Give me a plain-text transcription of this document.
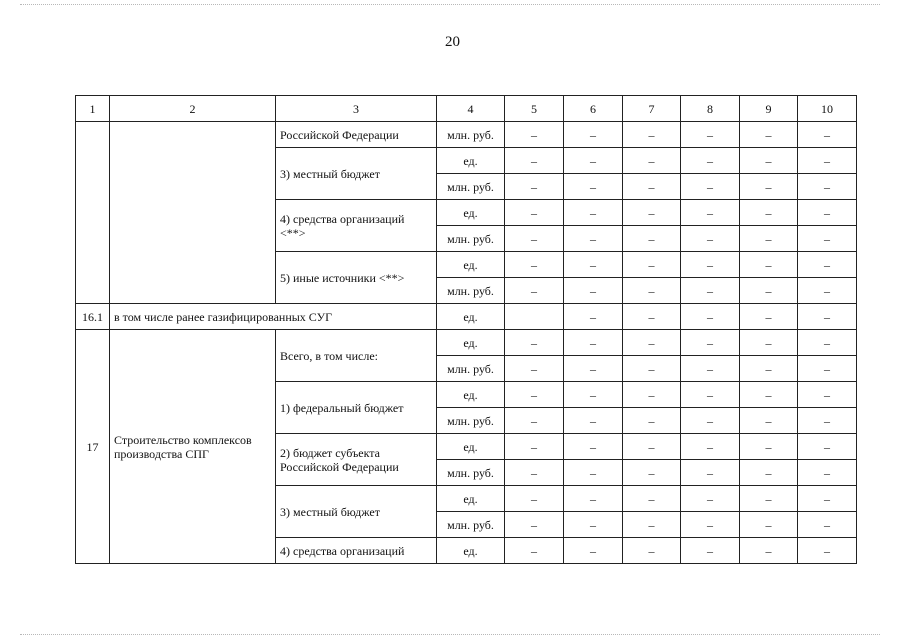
20
1	2	3	4	5	6	7	8	9	10
		Российской Федерации	млн. руб.	–	–	–	–	–	–
		3) местный бюджет	ед.	–	–	–	–	–	–
			млн. руб.	–	–	–	–	–	–
		4) средства организаций <**>	ед.	–	–	–	–	–	–
			млн. руб.	–	–	–	–	–	–
		5) иные источники <**>	ед.	–	–	–	–	–	–
			млн. руб.	–	–	–	–	–	–
16.1	в том числе ранее газифицированных СУГ		ед.		–	–	–	–	–
17	Строительство комплексов производства СПГ	Всего, в том числе:	ед.	–	–	–	–	–	–
			млн. руб.	–	–	–	–	–	–
		1) федеральный бюджет	ед.	–	–	–	–	–	–
			млн. руб.	–	–	–	–	–	–
		2) бюджет субъекта Российской Федерации	ед.	–	–	–	–	–	–
			млн. руб.	–	–	–	–	–	–
		3) местный бюджет	ед.	–	–	–	–	–	–
			млн. руб.	–	–	–	–	–	–
		4) средства организаций	ед.	–	–	–	–	–	–
